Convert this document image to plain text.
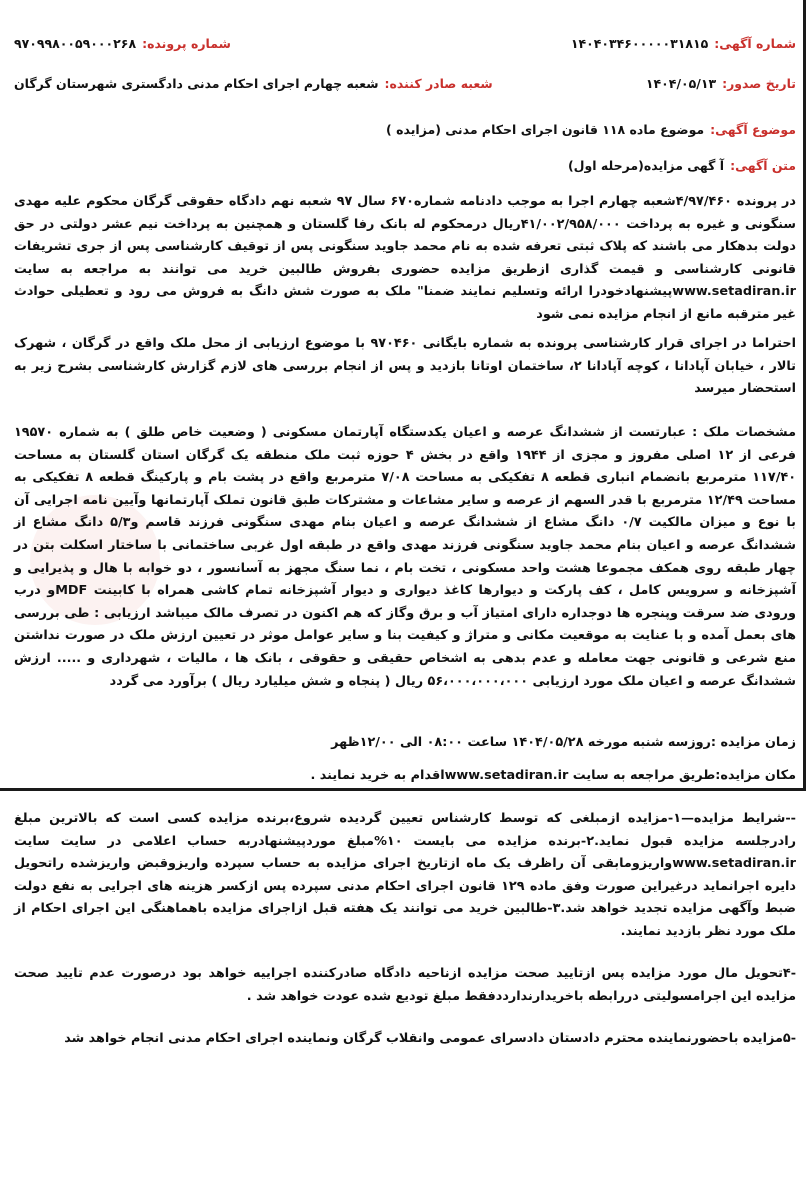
شماره آگهی:
۱۴۰۴۰۳۴۶۰۰۰۰۰۳۱۸۱۵
شماره پرونده:
۹۷۰۹۹۸۰۰۵۹۰۰۰۲۶۸
تاریخ صدور:
۱۴۰۴/۰۵/۱۳
شعبه صادر کننده:
شعبه چهارم اجرای احکام مدنی دادگستری شهرستان گرگان
موضوع آگهی:موضوع ماده ۱۱۸ قانون اجرای احکام مدنی (مزایده )
متن آگهی:آ گهی مزایده(مرحله اول)
در پرونده ۴/۹۷/۴۶۰شعبه چهارم اجرا به موجب دادنامه شماره۶۷۰ سال ۹۷ شعبه نهم دادگاه حقوقی گرگان محکوم علیه مهدی سنگونی و غیره به پرداخت ۴۱/۰۰۲/۹۵۸/۰۰۰ریال درمحکوم له بانک رفا گلستان و همچنین به پرداخت نیم عشر دولتی در حق دولت بدهکار می باشند که پلاک ثبتی تعرفه شده به نام محمد جاوید سنگونی پس از توقیف کارشناسی پس از جری تشریفات قانونی کارشناسی و قیمت گذاری ازطریق مزایده حضوری بفروش طالبین خرید می توانند به مراجعه به سایت www.setadiran.irپیشنهادخودرا ارائه وتسلیم نمایند ضمنا" ملک به صورت شش دانگ به فروش می رود و تعطیلی حوادث غیر مترقبه مانع از انجام مزایده نمی شود
احتراما در اجرای قرار کارشناسی پرونده به شماره بایگانی ۹۷۰۴۶۰ با موضوع ارزیابی از محل ملک واقع در گرگان ، شهرک تالار ، خیابان آپادانا ، کوچه آپادانا ۲، ساختمان اوتانا بازدید و پس از انجام بررسی های لازم گزارش کارشناسی بشرح زیر به استحضار میرسد
مشخصات ملک : عبارتست از ششدانگ عرصه و اعیان یکدستگاه آپارتمان مسکونی ( وضعیت خاص طلق ) به شماره ۱۹۵۷۰ فرعی از ۱۲ اصلی مفروز و مجزی از ۱۹۴۴ واقع در بخش ۴ حوزه ثبت ملک منطقه یک گرگان استان گلستان به مساحت ۱۱۷/۴۰ مترمربع بانضمام انباری قطعه ۸ تفکیکی به مساحت ۷/۰۸ مترمربع واقع در پشت بام و پارکینگ قطعه ۸ تفکیکی به مساحت ۱۲/۴۹ مترمربع با قدر السهم از عرصه و سایر مشاعات و مشترکات طبق قانون تملک آپارتمانها وآیین نامه اجرایی آن با نوع و میزان مالکیت ۰/۷ دانگ مشاع از ششدانگ عرصه و اعیان بنام مهدی سنگونی فرزند قاسم و۵/۳ دانگ مشاع از ششدانگ عرصه و اعیان بنام محمد جاوید سنگونی فرزند مهدی واقع در طبقه اول غربی ساختمانی با ساختار اسکلت بتن در چهار طبقه روی همکف مجموعا هشت واحد مسکونی ، تخت بام ، نما سنگ مجهز به آسانسور ، دو خوابه با هال و پذیرایی و آشپزخانه و سرویس کامل ، کف پارکت و دیوارها کاغذ دیواری و دیوار آشپزخانه تمام کاشی همراه با کابینت MDFو درب ورودی ضد سرقت وپنجره ها دوجداره دارای امتیاز آب و برق وگاز که هم اکنون در تصرف مالک میباشد ارزیابی : طی بررسی های بعمل آمده و با عنایت به موقعیت مکانی و متراژ و کیفیت بنا و سایر عوامل موثر در تعیین ارزش ملک در صورت نداشتن منع شرعی و قانونی جهت معامله و عدم بدهی به اشخاص حقیقی و حقوقی ، بانک ها ، مالیات ، شهرداری و ..... ارزش ششدانگ عرصه و اعیان ملک مورد ارزیابی ۵۶،۰۰۰،۰۰۰،۰۰۰ ریال ( پنجاه و شش میلیارد ریال ) برآورد می گردد
زمان مزایده :روزسه شنبه مورخه ۱۴۰۴/۰۵/۲۸ ساعت ۰۸:۰۰ الی ۱۲/۰۰ظهر
مکان مزایده:طریق مراجعه به سایت www.setadiran.irاقدام به خرید نمایند .
--شرایط مزایده—۱-مزایده ازمبلغی که توسط کارشناس تعیین گردیده شروع،برنده مزایده کسی است که بالاترین مبلغ رادرجلسه مزایده قبول نماید.۲-برنده مزایده می بایست ۱۰%مبلغ موردپیشنهادربه حساب اعلامی در سایت سایت www.setadiran.irواریزومابقی آن راظرف یک ماه ازتاریخ اجرای مزایده به حساب سپرده واریزوقبض واریزشده راتحویل دایره اجرانماید درغیراین صورت وفق ماده ۱۲۹ قانون اجرای احکام مدنی سپرده پس ازکسر هزینه های اجرایی به نفع دولت ضبط وآگهی مزایده تجدید خواهد شد.۳-طالبین خرید می توانند یک هفته قبل ازاجرای مزایده باهماهنگی این اجرای احکام از ملک مورد نظر بازدید نمایند.
-۴تحویل مال مورد مزایده پس ازتایید صحت مزایده ازناحیه دادگاه صادرکننده اجراییه خواهد بود درصورت عدم تایید صحت مزایده این اجرامسولیتی دررابطه باخریدارندارددفقط مبلغ تودیع شده عودت خواهد شد .
-۵مزایده باحضورنماینده محترم دادستان دادسرای عمومی وانقلاب گرگان ونماینده اجرای احکام مدنی انجام خواهد شد
